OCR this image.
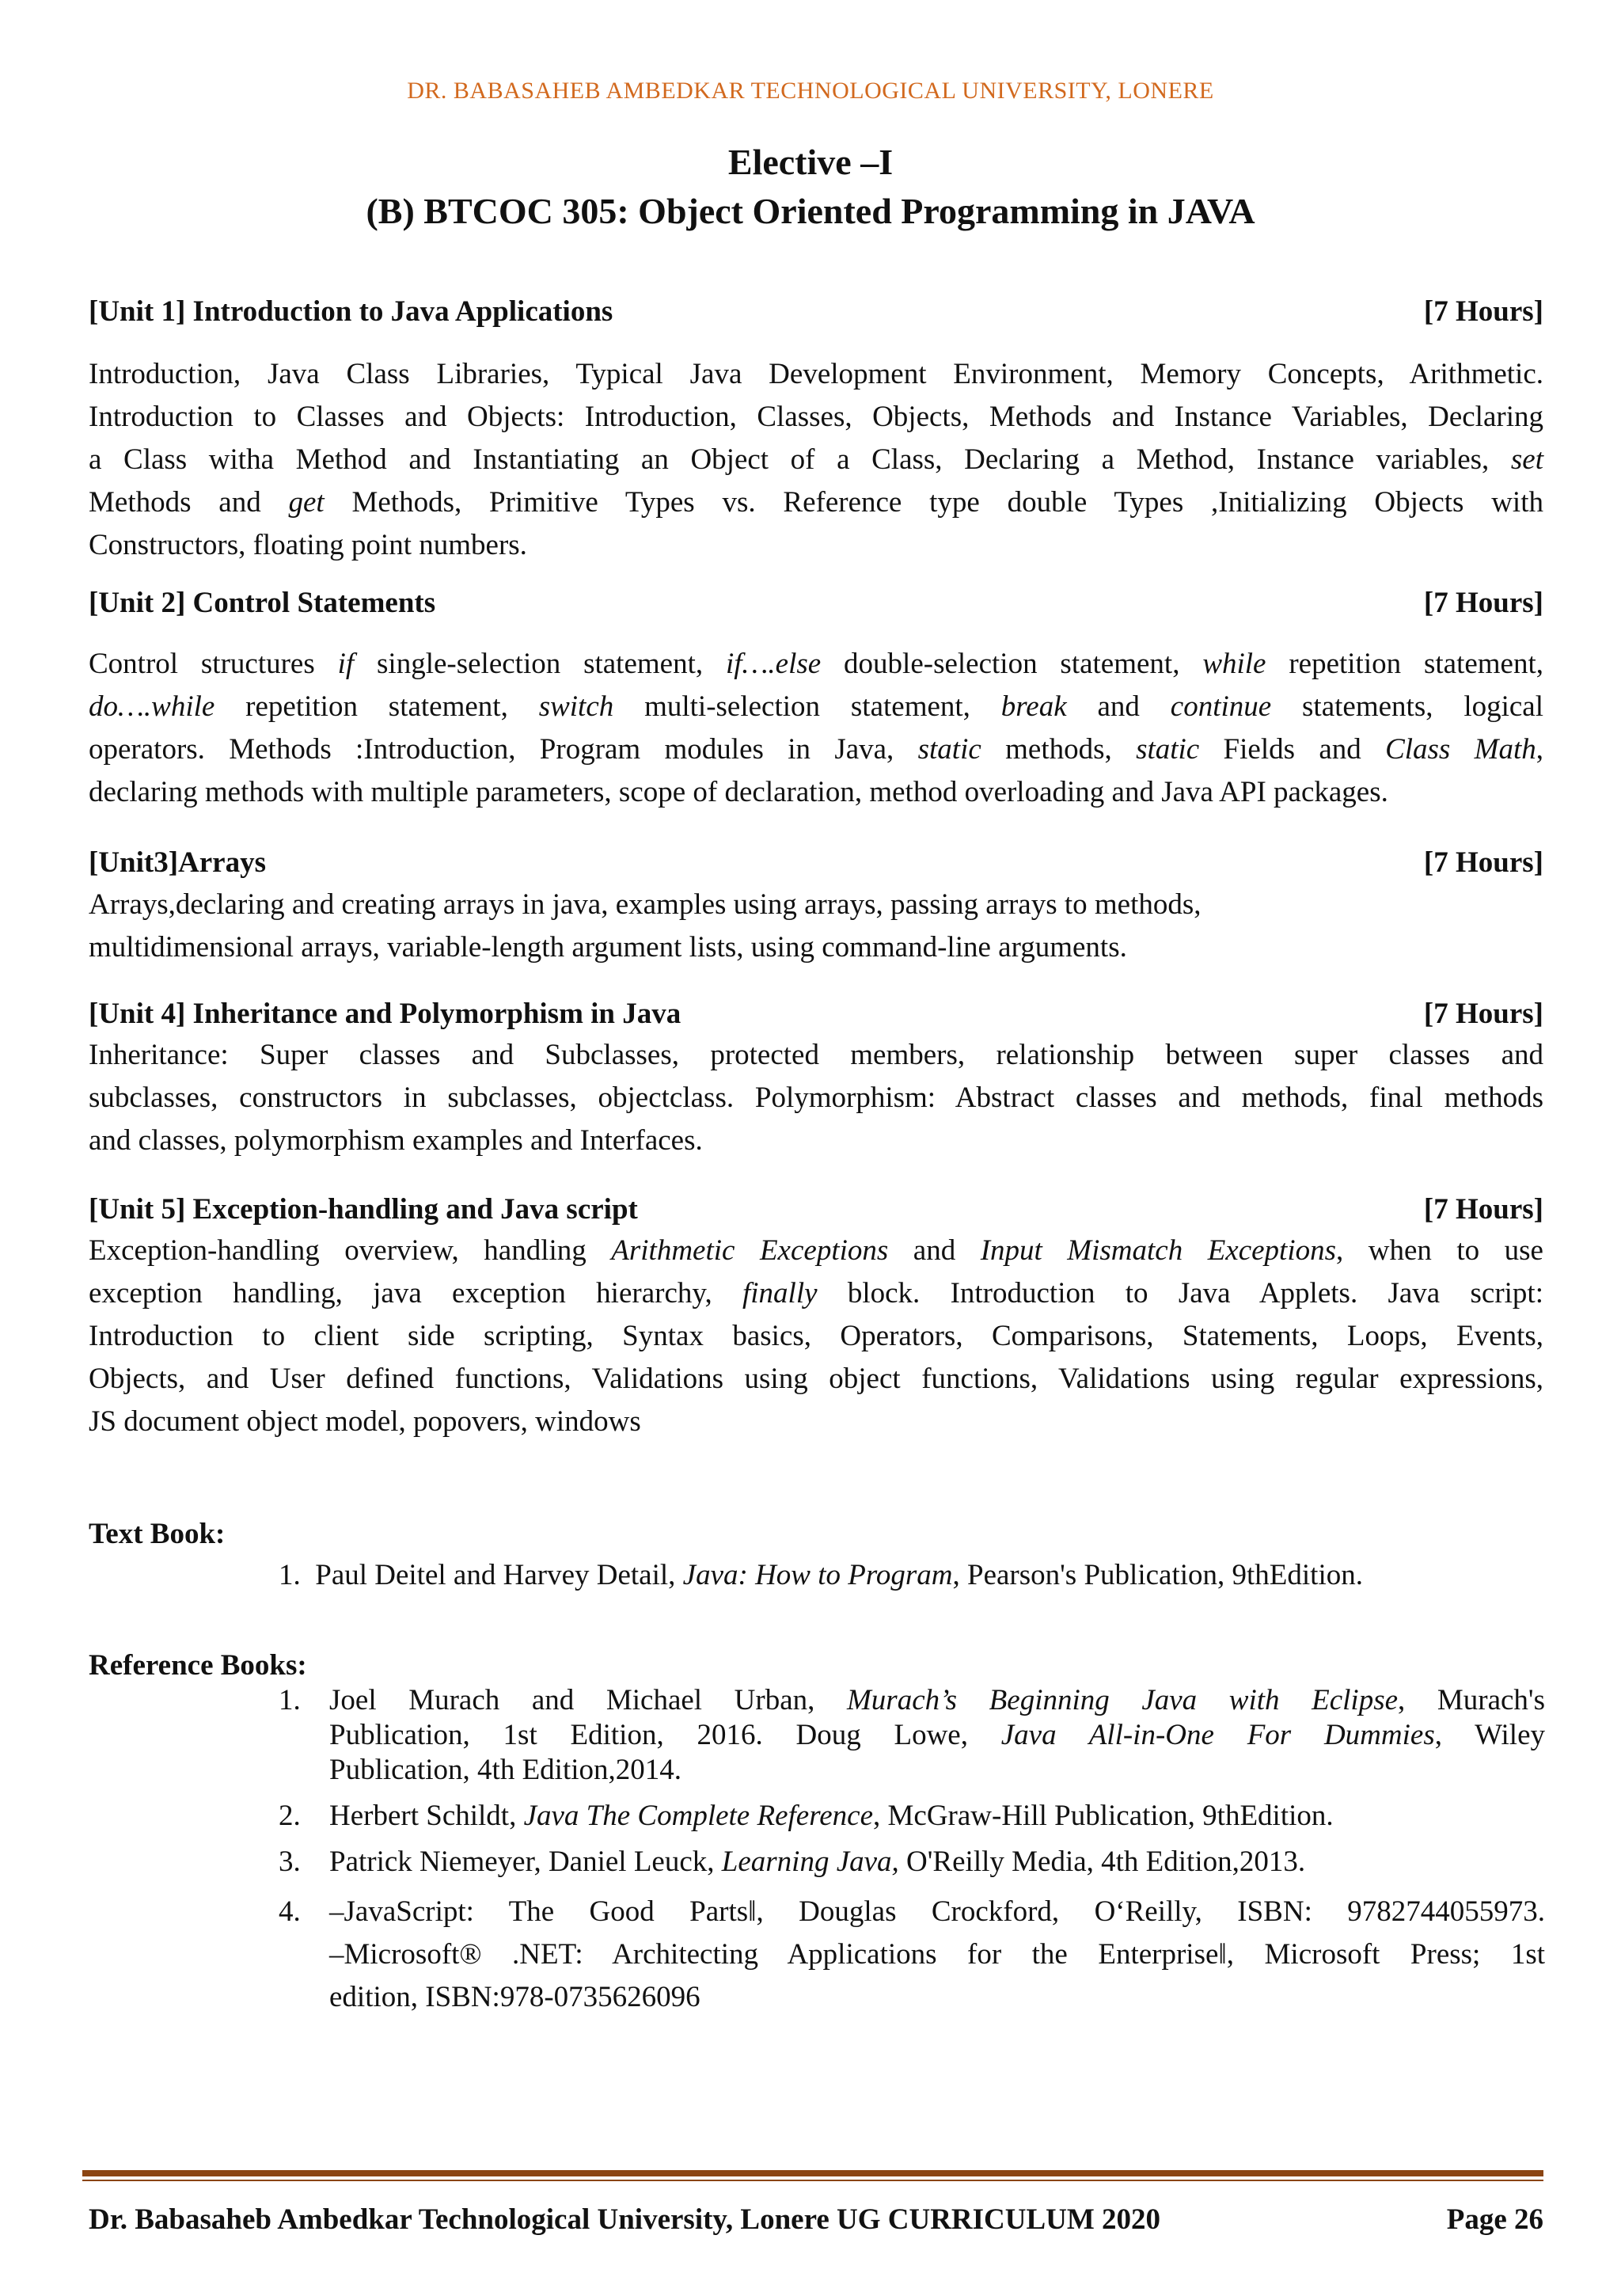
DR. BABASAHEB AMBEDKAR TECHNOLOGICAL UNIVERSITY, LONERE
Elective –I
(B) BTCOC 305: Object Oriented Programming in JAVA
[Unit 1] Introduction to Java Applications	[7 Hours]
Introduction, Java Class Libraries, Typical Java Development Environment, Memory Concepts, Arithmetic.
Introduction to Classes and Objects: Introduction, Classes, Objects, Methods and Instance Variables, Declaring
a Class witha Method and Instantiating an Object of a Class, Declaring a Method, Instance variables, set
Methods and get Methods, Primitive Types vs. Reference type double Types ,Initializing Objects with
Constructors, floating point numbers.
[Unit 2] Control Statements	[7 Hours]
Control structures if single-selection statement, if….else double-selection statement, while repetition statement,
do….while repetition statement, switch multi-selection statement, break and continue statements, logical
operators. Methods :Introduction, Program modules in Java, static methods, static Fields and Class Math,
declaring methods with multiple parameters, scope of declaration, method overloading and Java API packages.
[Unit3]Arrays	[7 Hours]
Arrays,declaring and creating arrays in java, examples using arrays, passing arrays to methods,
multidimensional arrays, variable-length argument lists, using command-line arguments.
[Unit 4] Inheritance and Polymorphism in Java	[7 Hours]
Inheritance: Super classes and Subclasses, protected members, relationship between super classes and
subclasses, constructors in subclasses, objectclass. Polymorphism: Abstract classes and methods, final methods
and classes, polymorphism examples and Interfaces.
[Unit 5] Exception-handling and Java script	[7 Hours]
Exception-handling overview, handling Arithmetic Exceptions and Input Mismatch Exceptions, when to use
exception handling, java exception hierarchy, finally block. Introduction to Java Applets. Java script:
Introduction to client side scripting, Syntax basics, Operators, Comparisons, Statements, Loops, Events,
Objects, and User defined functions, Validations using object functions, Validations using regular expressions,
JS document object model, popovers, windows
Text Book:
1. Paul Deitel and Harvey Detail, Java: How to Program, Pearson's Publication, 9thEdition.
Reference Books:
1. Joel Murach and Michael Urban, Murach’s Beginning Java with Eclipse, Murach's
Publication, 1st Edition, 2016. Doug Lowe, Java All-in-One For Dummies, Wiley
Publication, 4th Edition,2014.
2. Herbert Schildt, Java The Complete Reference, McGraw-Hill Publication, 9thEdition.
3. Patrick Niemeyer, Daniel Leuck, Learning Java, O'Reilly Media, 4th Edition,2013.
4. –JavaScript: The Good Parts‖, Douglas Crockford, O‘Reilly, ISBN: 9782744055973.
–Microsoft® .NET: Architecting Applications for the Enterprise‖, Microsoft Press; 1st
edition, ISBN:978-0735626096
Dr. Babasaheb Ambedkar Technological University, Lonere UG CURRICULUM 2020	Page 26
